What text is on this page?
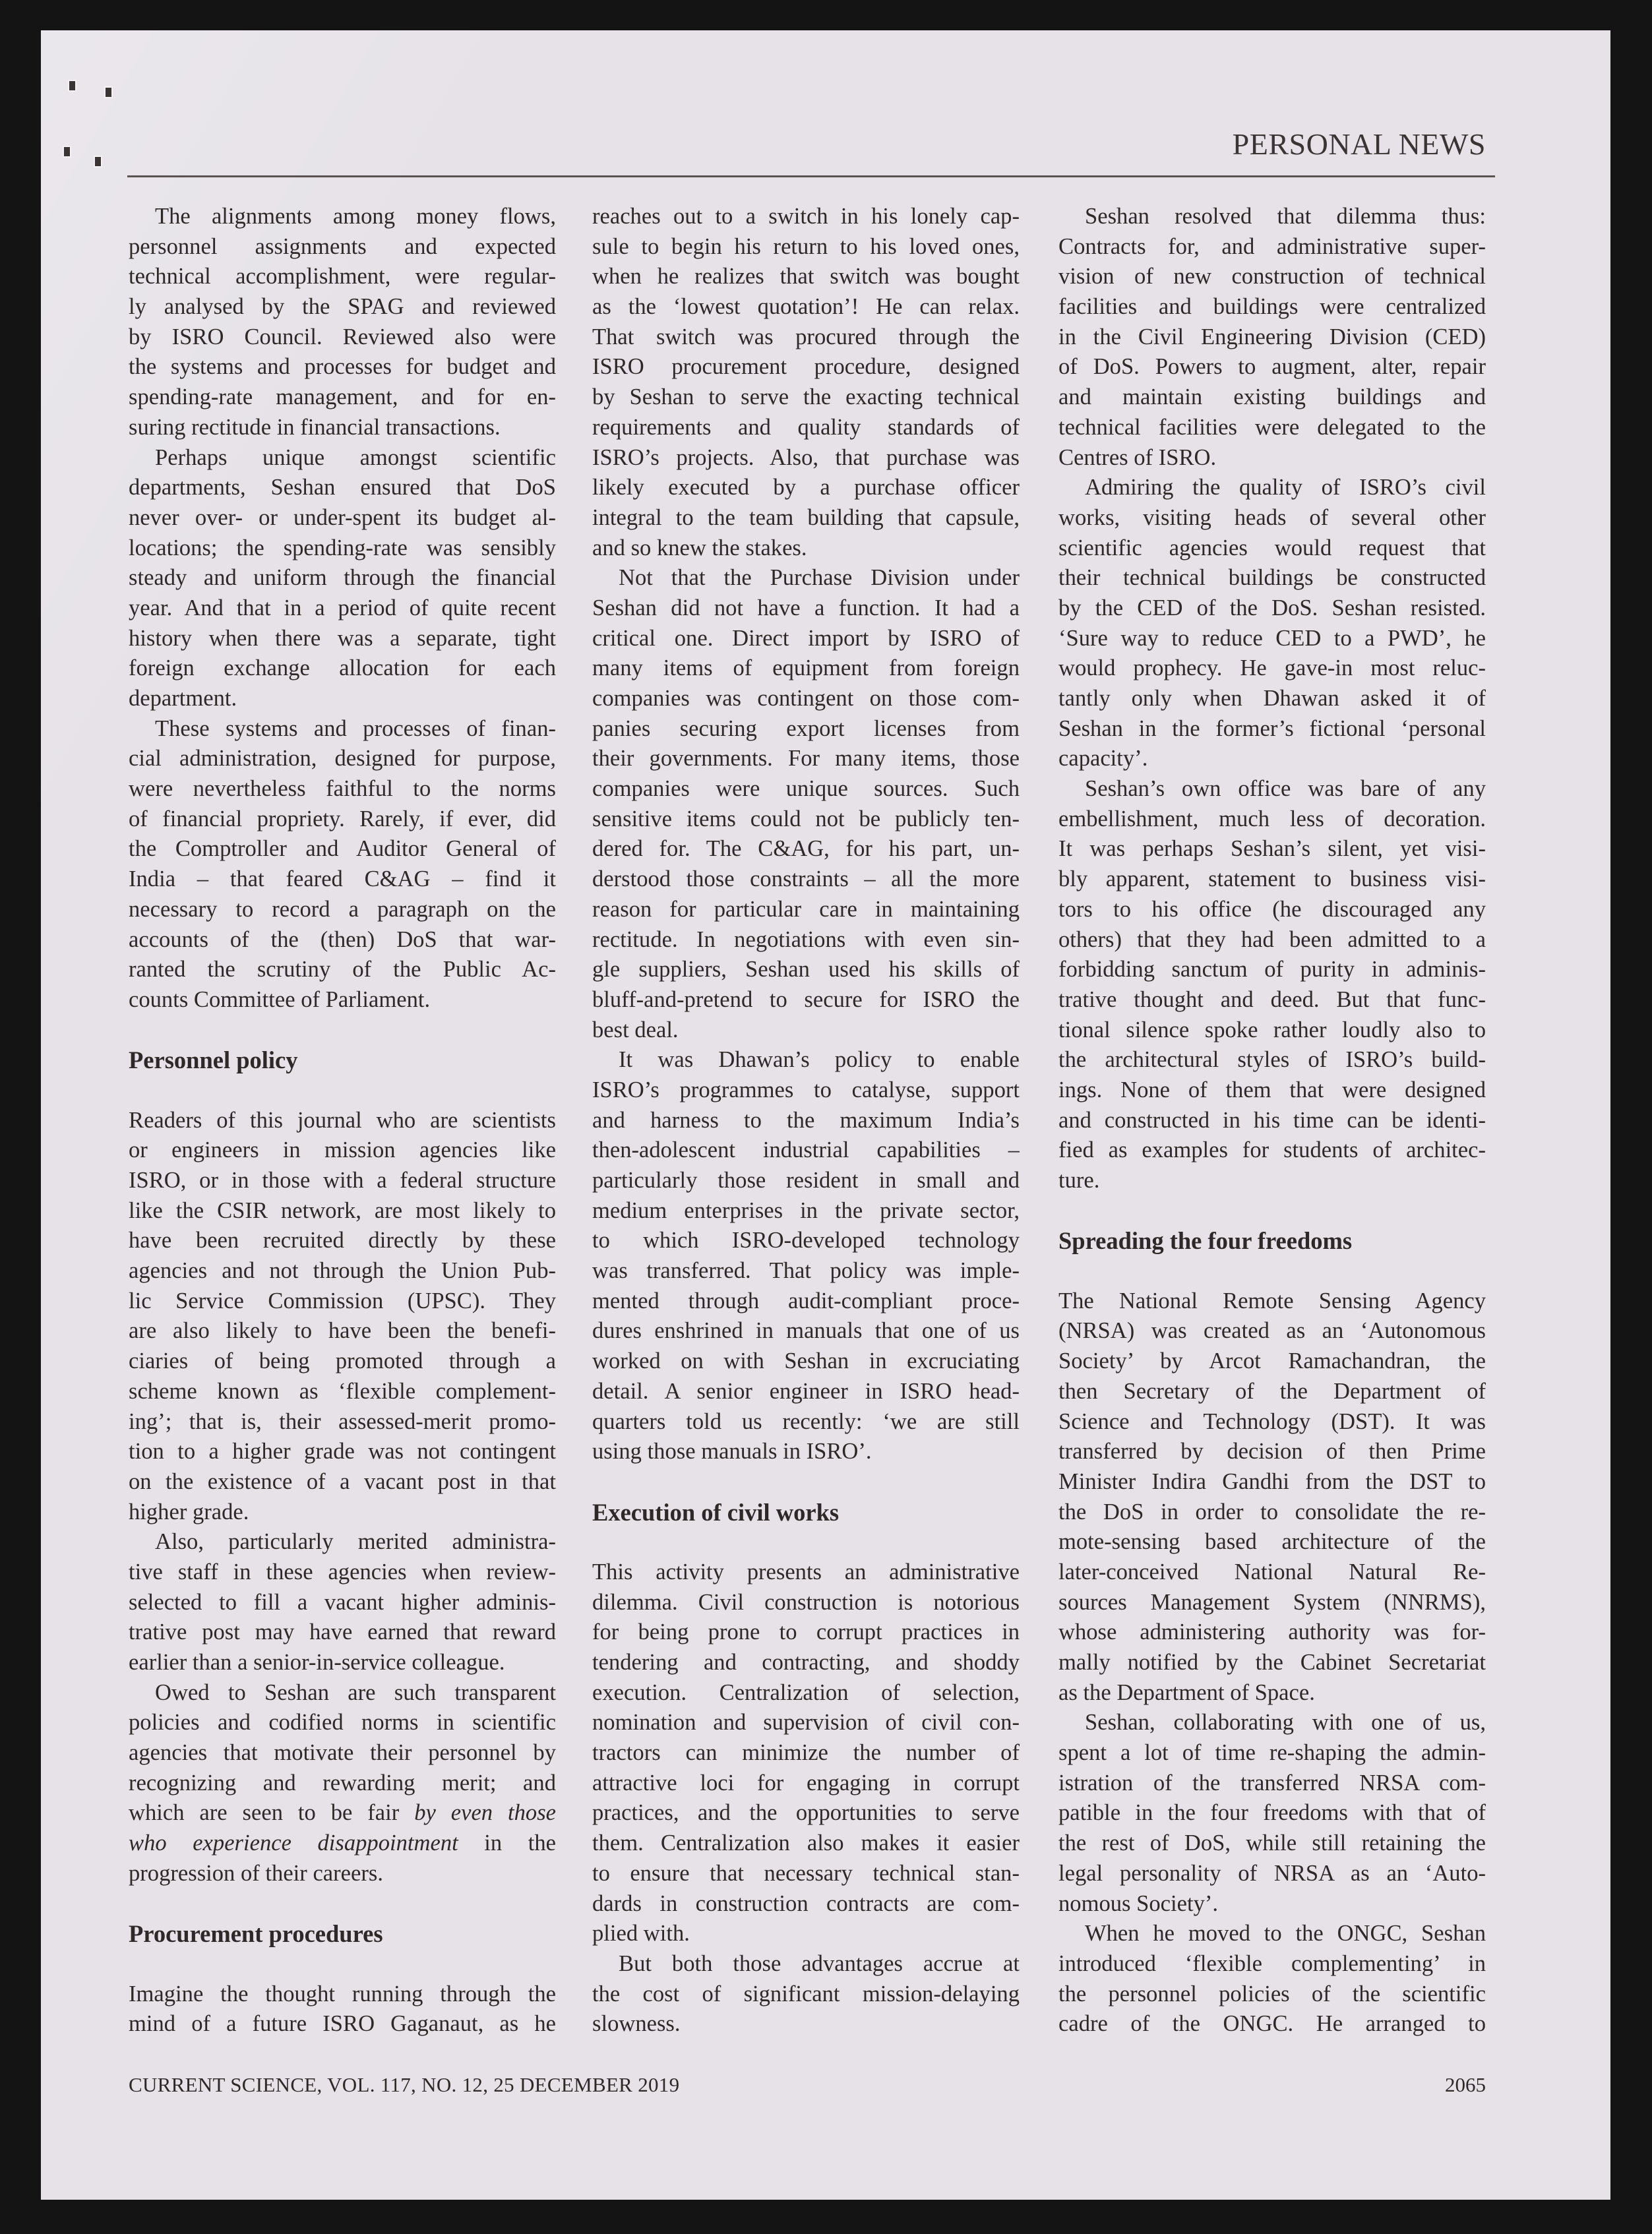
PERSONAL NEWS
The alignments among money flows,
personnel assignments and expected
technical accomplishment, were regular-
ly analysed by the SPAG and reviewed
by ISRO Council. Reviewed also were
the systems and processes for budget and
spending-rate management, and for en-
suring rectitude in financial transactions.
Perhaps unique amongst scientific
departments, Seshan ensured that DoS
never over- or under-spent its budget al-
locations; the spending-rate was sensibly
steady and uniform through the financial
year. And that in a period of quite recent
history when there was a separate, tight
foreign exchange allocation for each
department.
These systems and processes of finan-
cial administration, designed for purpose,
were nevertheless faithful to the norms
of financial propriety. Rarely, if ever, did
the Comptroller and Auditor General of
India – that feared C&AG – find it
necessary to record a paragraph on the
accounts of the (then) DoS that war-
ranted the scrutiny of the Public Ac-
counts Committee of Parliament.
Personnel policy
Readers of this journal who are scientists
or engineers in mission agencies like
ISRO, or in those with a federal structure
like the CSIR network, are most likely to
have been recruited directly by these
agencies and not through the Union Pub-
lic Service Commission (UPSC). They
are also likely to have been the benefi-
ciaries of being promoted through a
scheme known as ‘flexible complement-
ing’; that is, their assessed-merit promo-
tion to a higher grade was not contingent
on the existence of a vacant post in that
higher grade.
Also, particularly merited administra-
tive staff in these agencies when review-
selected to fill a vacant higher adminis-
trative post may have earned that reward
earlier than a senior-in-service colleague.
Owed to Seshan are such transparent
policies and codified norms in scientific
agencies that motivate their personnel by
recognizing and rewarding merit; and
which are seen to be fair by even those
who experience disappointment in the
progression of their careers.
Procurement procedures
Imagine the thought running through the
mind of a future ISRO Gaganaut, as he
reaches out to a switch in his lonely cap-
sule to begin his return to his loved ones,
when he realizes that switch was bought
as the ‘lowest quotation’! He can relax.
That switch was procured through the
ISRO procurement procedure, designed
by Seshan to serve the exacting technical
requirements and quality standards of
ISRO’s projects. Also, that purchase was
likely executed by a purchase officer
integral to the team building that capsule,
and so knew the stakes.
Not that the Purchase Division under
Seshan did not have a function. It had a
critical one. Direct import by ISRO of
many items of equipment from foreign
companies was contingent on those com-
panies securing export licenses from
their governments. For many items, those
companies were unique sources. Such
sensitive items could not be publicly ten-
dered for. The C&AG, for his part, un-
derstood those constraints – all the more
reason for particular care in maintaining
rectitude. In negotiations with even sin-
gle suppliers, Seshan used his skills of
bluff-and-pretend to secure for ISRO the
best deal.
It was Dhawan’s policy to enable
ISRO’s programmes to catalyse, support
and harness to the maximum India’s
then-adolescent industrial capabilities –
particularly those resident in small and
medium enterprises in the private sector,
to which ISRO-developed technology
was transferred. That policy was imple-
mented through audit-compliant proce-
dures enshrined in manuals that one of us
worked on with Seshan in excruciating
detail. A senior engineer in ISRO head-
quarters told us recently: ‘we are still
using those manuals in ISRO’.
Execution of civil works
This activity presents an administrative
dilemma. Civil construction is notorious
for being prone to corrupt practices in
tendering and contracting, and shoddy
execution. Centralization of selection,
nomination and supervision of civil con-
tractors can minimize the number of
attractive loci for engaging in corrupt
practices, and the opportunities to serve
them. Centralization also makes it easier
to ensure that necessary technical stan-
dards in construction contracts are com-
plied with.
But both those advantages accrue at
the cost of significant mission-delaying
slowness.
Seshan resolved that dilemma thus:
Contracts for, and administrative super-
vision of new construction of technical
facilities and buildings were centralized
in the Civil Engineering Division (CED)
of DoS. Powers to augment, alter, repair
and maintain existing buildings and
technical facilities were delegated to the
Centres of ISRO.
Admiring the quality of ISRO’s civil
works, visiting heads of several other
scientific agencies would request that
their technical buildings be constructed
by the CED of the DoS. Seshan resisted.
‘Sure way to reduce CED to a PWD’, he
would prophecy. He gave-in most reluc-
tantly only when Dhawan asked it of
Seshan in the former’s fictional ‘personal
capacity’.
Seshan’s own office was bare of any
embellishment, much less of decoration.
It was perhaps Seshan’s silent, yet visi-
bly apparent, statement to business visi-
tors to his office (he discouraged any
others) that they had been admitted to a
forbidding sanctum of purity in adminis-
trative thought and deed. But that func-
tional silence spoke rather loudly also to
the architectural styles of ISRO’s build-
ings. None of them that were designed
and constructed in his time can be identi-
fied as examples for students of architec-
ture.
Spreading the four freedoms
The National Remote Sensing Agency
(NRSA) was created as an ‘Autonomous
Society’ by Arcot Ramachandran, the
then Secretary of the Department of
Science and Technology (DST). It was
transferred by decision of then Prime
Minister Indira Gandhi from the DST to
the DoS in order to consolidate the re-
mote-sensing based architecture of the
later-conceived National Natural Re-
sources Management System (NNRMS),
whose administering authority was for-
mally notified by the Cabinet Secretariat
as the Department of Space.
Seshan, collaborating with one of us,
spent a lot of time re-shaping the admin-
istration of the transferred NRSA com-
patible in the four freedoms with that of
the rest of DoS, while still retaining the
legal personality of NRSA as an ‘Auto-
nomous Society’.
When he moved to the ONGC, Seshan
introduced ‘flexible complementing’ in
the personnel policies of the scientific
cadre of the ONGC. He arranged to
CURRENT SCIENCE, VOL. 117, NO. 12, 25 DECEMBER 2019	2065
